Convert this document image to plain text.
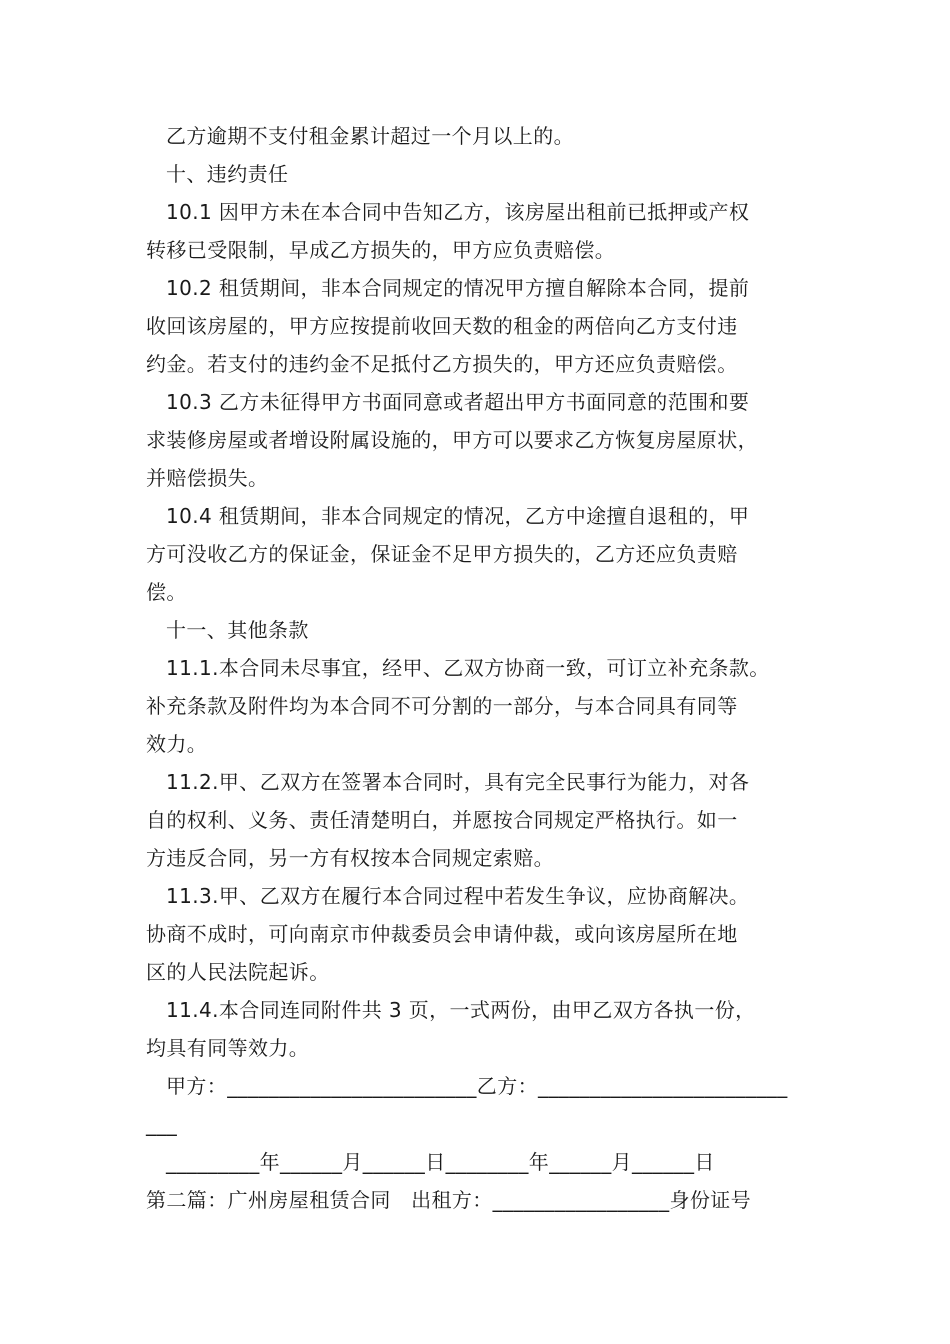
乙方逾期不支付租金累计超过一个月以上的。
十、违约责任
10.1 因甲方未在本合同中告知乙方，该房屋出租前已抵押或产权
转移已受限制，早成乙方损失的，甲方应负责赔偿。
10.2 租赁期间，非本合同规定的情况甲方擅自解除本合同，提前
收回该房屋的，甲方应按提前收回天数的租金的两倍向乙方支付违
约金。若支付的违约金不足抵付乙方损失的，甲方还应负责赔偿。
10.3 乙方未征得甲方书面同意或者超出甲方书面同意的范围和要
求装修房屋或者增设附属设施的，甲方可以要求乙方恢复房屋原状，
并赔偿损失。
10.4 租赁期间，非本合同规定的情况，乙方中途擅自退租的，甲
方可没收乙方的保证金，保证金不足甲方损失的，乙方还应负责赔
偿。
十一、其他条款
11.1.本合同未尽事宜，经甲、乙双方协商一致，可订立补充条款。
补充条款及附件均为本合同不可分割的一部分，与本合同具有同等
效力。
11.2.甲、乙双方在签署本合同时，具有完全民事行为能力，对各
自的权利、义务、责任清楚明白，并愿按合同规定严格执行。如一
方违反合同，另一方有权按本合同规定索赔。
11.3.甲、乙双方在履行本合同过程中若发生争议，应协商解决。
协商不成时，可向南京市仲裁委员会申请仲裁，或向该房屋所在地
区的人民法院起诉。
11.4.本合同连同附件共 3 页，一式两份，由甲乙双方各执一份，
均具有同等效力。
甲方：________________________乙方：________________________
___
_________年______月______日________年______月______日
第二篇：广州房屋租赁合同   出租方：_________________身份证号
